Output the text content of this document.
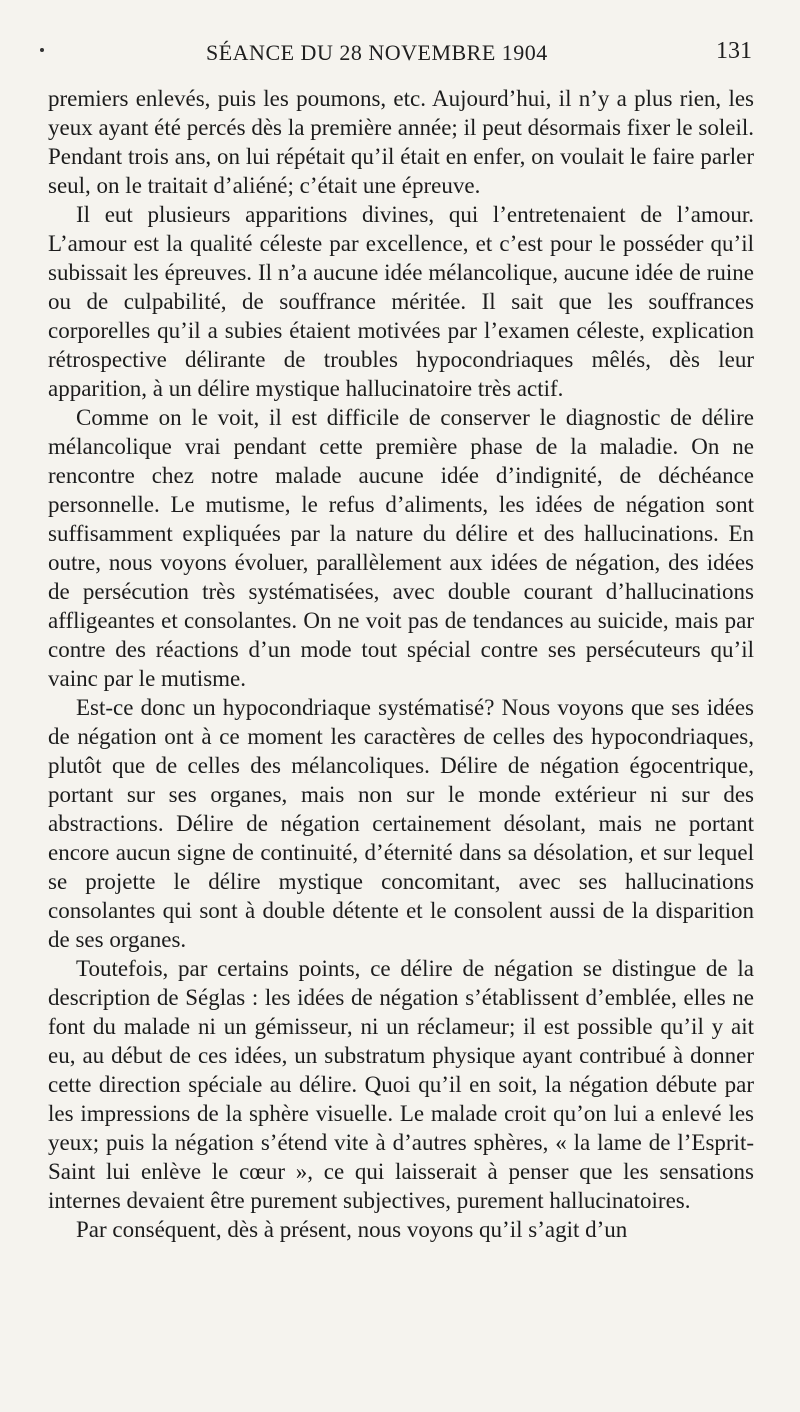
SÉANCE DU 28 NOVEMBRE 1904	131

premiers enlevés, puis les poumons, etc. Aujourd’hui, il n’y a plus rien, les yeux ayant été percés dès la première année; il peut désormais fixer le soleil. Pendant trois ans, on lui répétait qu’il était en enfer, on voulait le faire parler seul, on le traitait d’aliéné; c’était une épreuve.

Il eut plusieurs apparitions divines, qui l’entretenaient de l’amour. L’amour est la qualité céleste par excellence, et c’est pour le posséder qu’il subissait les épreuves. Il n’a aucune idée mélancolique, aucune idée de ruine ou de culpabilité, de souffrance méritée. Il sait que les souffrances corporelles qu’il a subies étaient motivées par l’examen céleste, explication rétrospective délirante de troubles hypocondriaques mêlés, dès leur apparition, à un délire mystique hallucinatoire très actif.

Comme on le voit, il est difficile de conserver le diagnostic de délire mélancolique vrai pendant cette première phase de la maladie. On ne rencontre chez notre malade aucune idée d’indignité, de déchéance personnelle. Le mutisme, le refus d’aliments, les idées de négation sont suffisamment expliquées par la nature du délire et des hallucinations. En outre, nous voyons évoluer, parallèlement aux idées de négation, des idées de persécution très systématisées, avec double courant d’hallucinations affligeantes et consolantes. On ne voit pas de tendances au suicide, mais par contre des réactions d’un mode tout spécial contre ses persécuteurs qu’il vainc par le mutisme.

Est-ce donc un hypocondriaque systématisé? Nous voyons que ses idées de négation ont à ce moment les caractères de celles des hypocondriaques, plutôt que de celles des mélancoliques. Délire de négation égocentrique, portant sur ses organes, mais non sur le monde extérieur ni sur des abstractions. Délire de négation certainement désolant, mais ne portant encore aucun signe de continuité, d’éternité dans sa désolation, et sur lequel se projette le délire mystique concomitant, avec ses hallucinations consolantes qui sont à double détente et le consolent aussi de la disparition de ses organes.

Toutefois, par certains points, ce délire de négation se distingue de la description de Séglas : les idées de négation s’établissent d’emblée, elles ne font du malade ni un gémisseur, ni un réclameur; il est possible qu’il y ait eu, au début de ces idées, un substratum physique ayant contribué à donner cette direction spéciale au délire. Quoi qu’il en soit, la négation débute par les impressions de la sphère visuelle. Le malade croit qu’on lui a enlevé les yeux; puis la négation s’étend vite à d’autres sphères, « la lame de l’Esprit-Saint lui enlève le cœur », ce qui laisserait à penser que les sensations internes devaient être purement subjectives, purement hallucinatoires.

Par conséquent, dès à présent, nous voyons qu’il s’agit d’un
